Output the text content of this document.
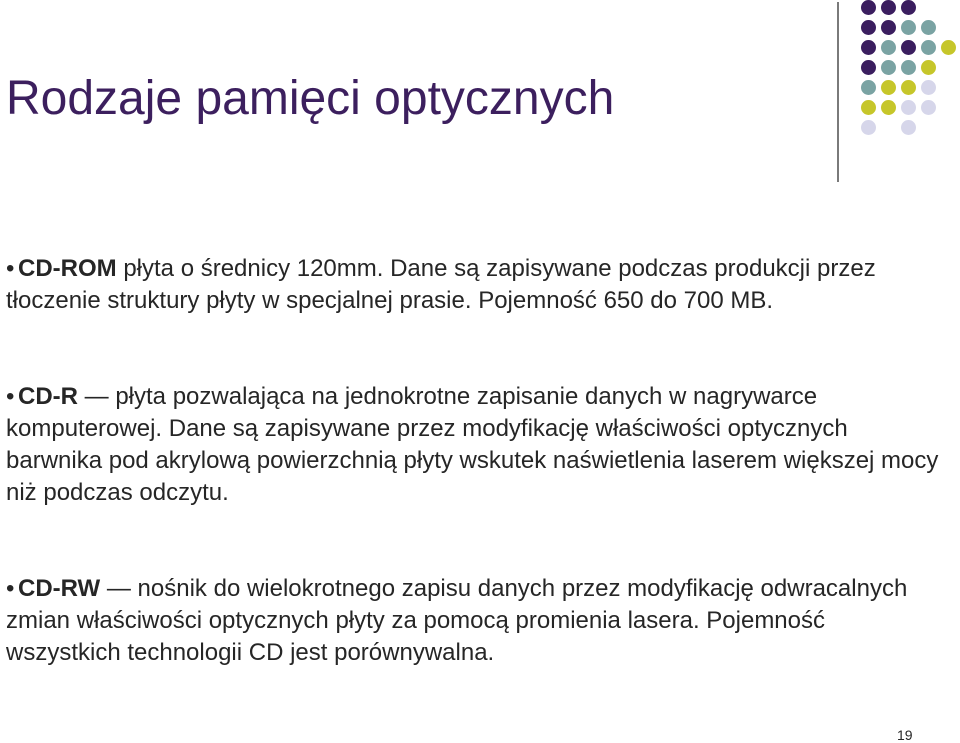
Rodzaje pamięci optycznych

• CD-ROM płyta o średnicy 120mm. Dane są zapisywane podczas produkcji przez tłoczenie struktury płyty w specjalnej prasie. Pojemność 650 do 700 MB.

• CD-R — płyta pozwalająca na jednokrotne zapisanie danych w nagrywarce komputerowej. Dane są zapisywane przez modyfikację właściwości optycznych barwnika pod akrylową powierzchnią płyty wskutek naświetlenia laserem większej mocy niż podczas odczytu.

• CD-RW — nośnik do wielokrotnego zapisu danych przez modyfikację odwracalnych zmian właściwości optycznych płyty za pomocą promienia lasera. Pojemność wszystkich technologii CD jest porównywalna.

19
